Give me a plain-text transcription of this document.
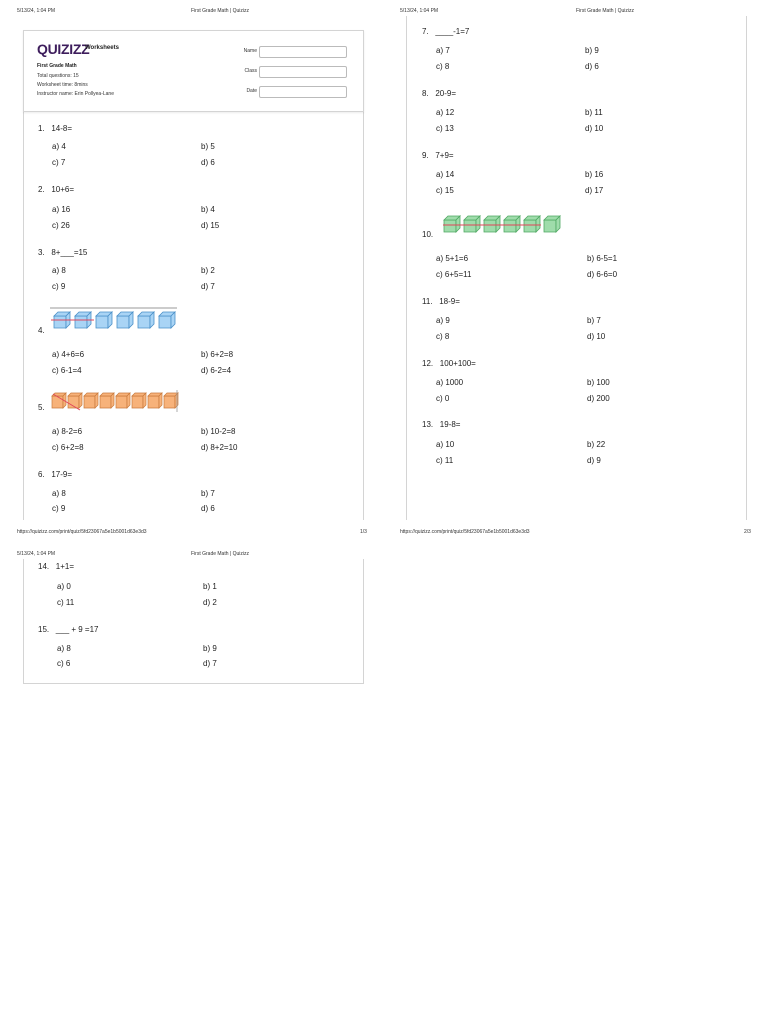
5/13/24, 1:04 PM	First Grade Math | Quizizz
QUIZIZZ
Worksheets
First Grade Math
Total questions: 15
Worksheet time: 8mins
Instructor name: Erin Pollyea-Lane
Name
Class
Date
1. 14-8=
a) 4	b) 5
c) 7	d) 6
2. 10+6=
a) 16	b) 4
c) 26	d) 15
3. 8+___=15
a) 8	b) 2
c) 9	d) 7
4.
a) 4+6=6	b) 6+2=8
c) 6-1=4	d) 6-2=4
5.
a) 8-2=6	b) 10-2=8
c) 6+2=8	d) 8+2=10
6. 17-9=
a) 8	b) 7
c) 9	d) 6
https://quizizz.com/print/quiz/5fd23067a5e1b5001d63e3d3	1/3
5/13/24, 1:04 PM	First Grade Math | Quizizz
7. ____-1=7
a) 7	b) 9
c) 8	d) 6
8. 20-9=
a) 12	b) 11
c) 13	d) 10
9. 7+9=
a) 14	b) 16
c) 15	d) 17
10.
a) 5+1=6	b) 6-5=1
c) 6+5=11	d) 6-6=0
11. 18-9=
a) 9	b) 7
c) 8	d) 10
12. 100+100=
a) 1000	b) 100
c) 0	d) 200
13. 19-8=
a) 10	b) 22
c) 11	d) 9
https://quizizz.com/print/quiz/5fd23067a5e1b5001d63e3d3	2/3
5/13/24, 1:04 PM	First Grade Math | Quizizz
14. 1+1=
a) 0	b) 1
c) 11	d) 2
15. ___ + 9 =17
a) 8	b) 9
c) 6	d) 7
